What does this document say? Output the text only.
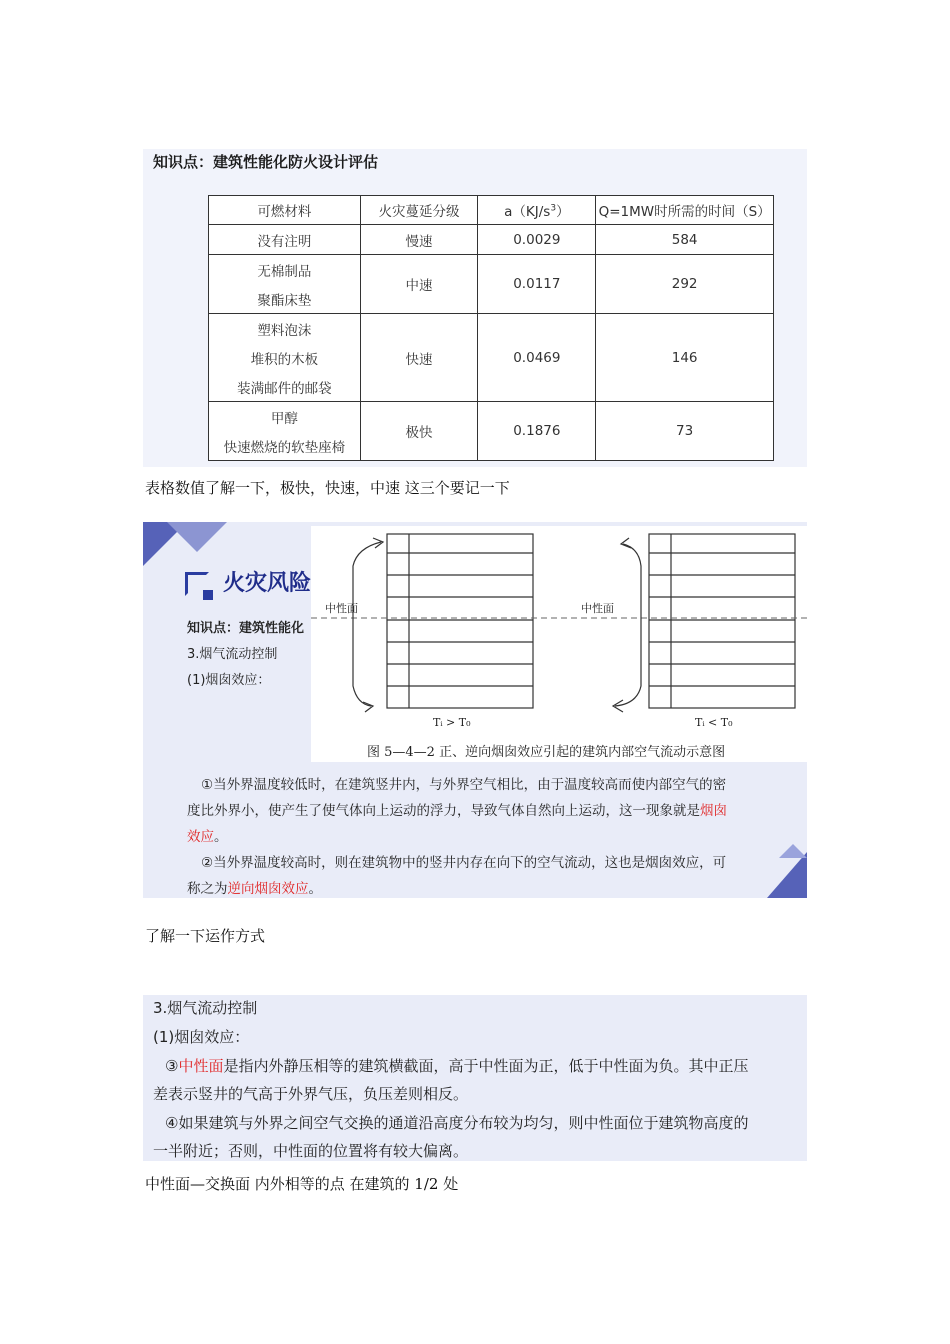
知识点：建筑性能化防火设计评估
可燃材料	火灾蔓延分级	$a(KJ/s^3)$	Q=1MW时所需的时间（S）
没有注明	慢速	0.0029	584
无棉制品	中速	0.0117	292
聚酯床垫			
塑料泡沫	快速	0.0469	146
堆积的木板			
装满邮件的邮袋			
甲醇	极快	0.1876	73
快速燃烧的软垫座椅			
表格数值了解一下，极快，快速，中速 这三个要记一下
火灾风险
知识点：建筑性能化
3.烟气流动控制
(1)烟囱效应：
中性面	中性面
Tᵢ > T₀	Tᵢ < T₀
图 5—4—2 正、逆向烟囱效应引起的建筑内部空气流动示意图
①当外界温度较低时，在建筑竖井内，与外界空气相比，由于温度较高而使内部空气的密
度比外界小，使产生了使气体向上运动的浮力，导致气体自然向上运动，这一现象就是烟囱
效应。
②当外界温度较高时，则在建筑物中的竖井内存在向下的空气流动，这也是烟囱效应，可
称之为逆向烟囱效应。
了解一下运作方式
3.烟气流动控制
(1)烟囱效应：
③中性面是指内外静压相等的建筑横截面，高于中性面为正，低于中性面为负。其中正压
差表示竖井的气高于外界气压，负压差则相反。
④如果建筑与外界之间空气交换的通道沿高度分布较为均匀，则中性面位于建筑物高度的
一半附近；否则，中性面的位置将有较大偏离。
中性面—交换面 内外相等的点 在建筑的 1/2 处
